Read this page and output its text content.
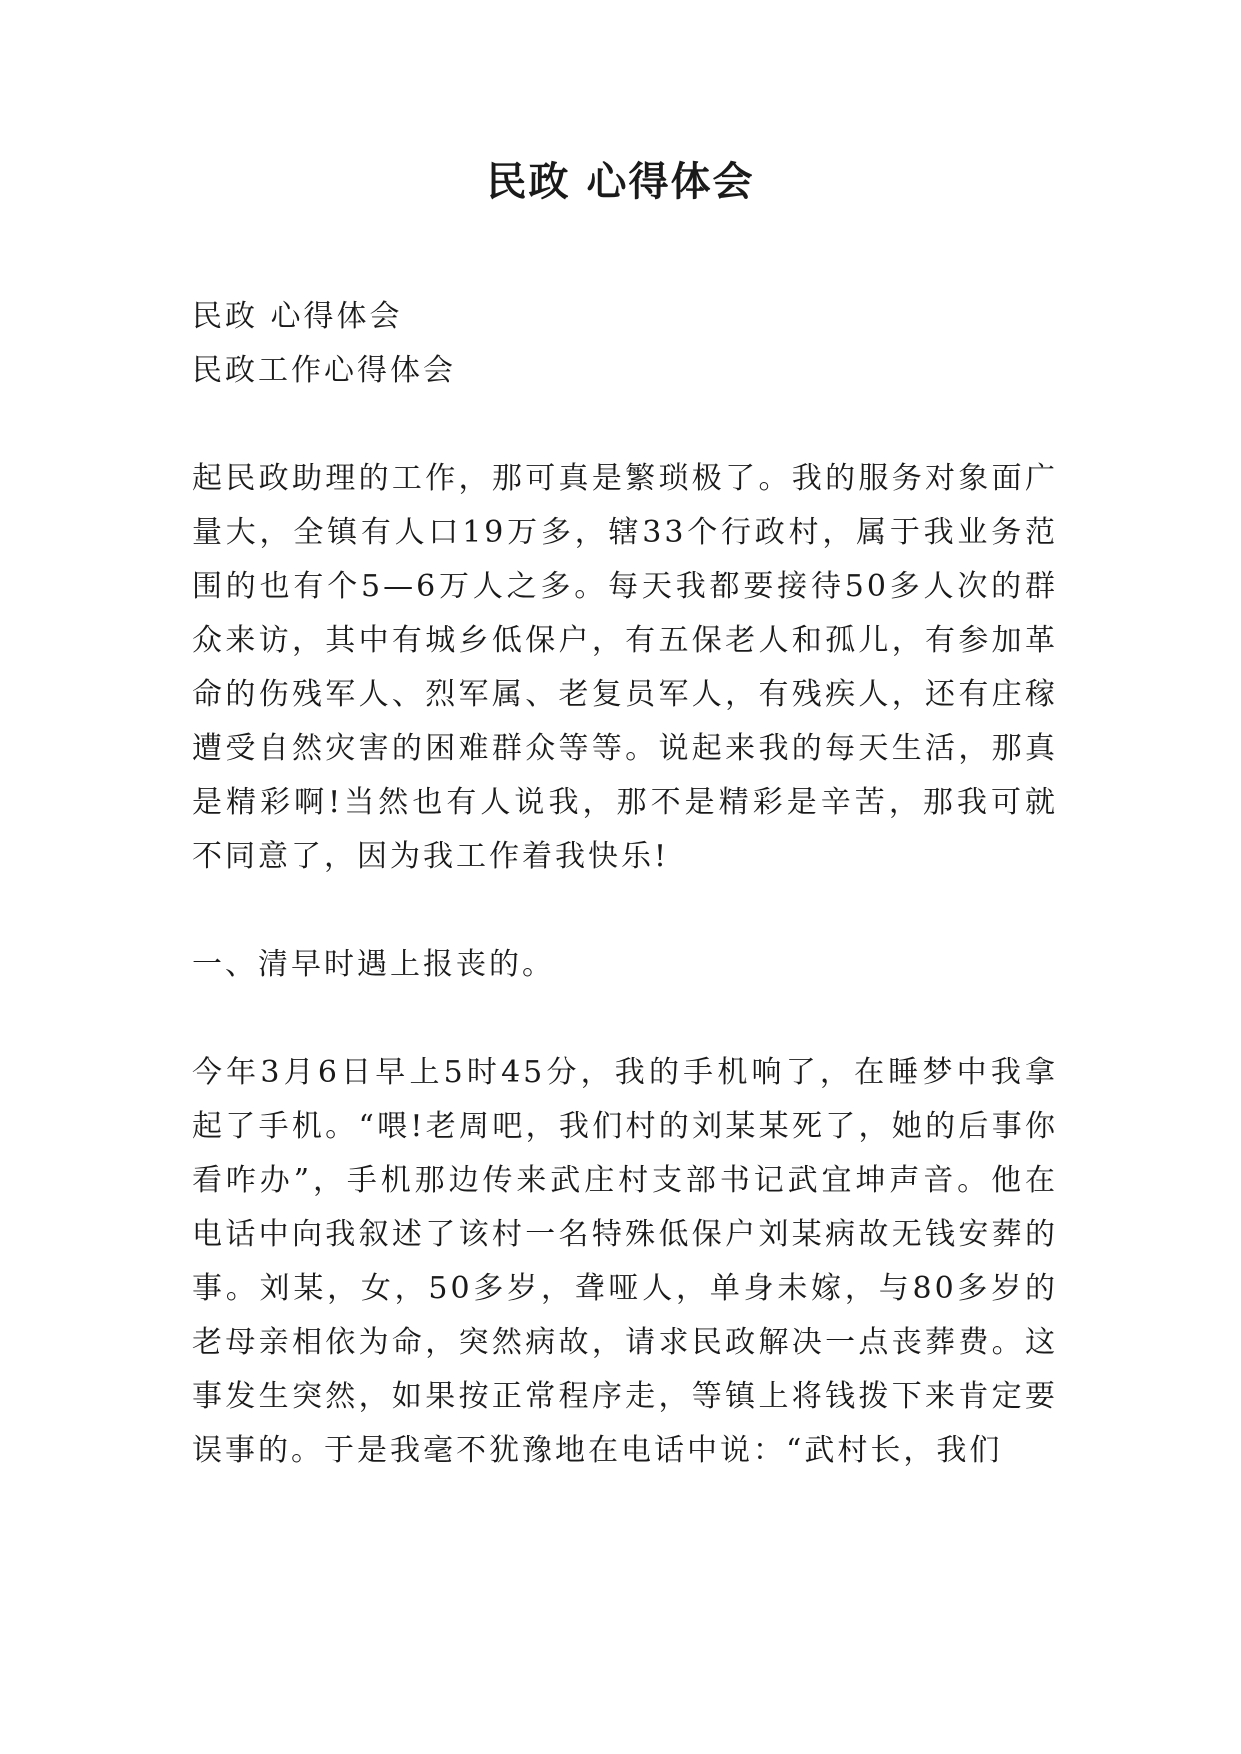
民政 心得体会

民政 心得体会

民政工作心得体会

起民政助理的工作，那可真是繁琐极了。我的服务对象面广量大，全镇有人口19万多，辖33个行政村，属于我业务范围的也有个5—6万人之多。每天我都要接待50多人次的群众来访，其中有城乡低保户，有五保老人和孤儿，有参加革命的伤残军人、烈军属、老复员军人，有残疾人，还有庄稼遭受自然灾害的困难群众等等。说起来我的每天生活，那真是精彩啊!当然也有人说我，那不是精彩是辛苦，那我可就不同意了，因为我工作着我快乐!

一、清早时遇上报丧的。

今年3月6日早上5时45分，我的手机响了，在睡梦中我拿起了手机。“喂!老周吧，我们村的刘某某死了，她的后事你看咋办”，手机那边传来武庄村支部书记武宜坤声音。他在电话中向我叙述了该村一名特殊低保户刘某病故无钱安葬的事。刘某，女，50多岁，聋哑人，单身未嫁，与80多岁的老母亲相依为命，突然病故，请求民政解决一点丧葬费。这事发生突然，如果按正常程序走，等镇上将钱拨下来肯定要误事的。于是我毫不犹豫地在电话中说：“武村长，我们
